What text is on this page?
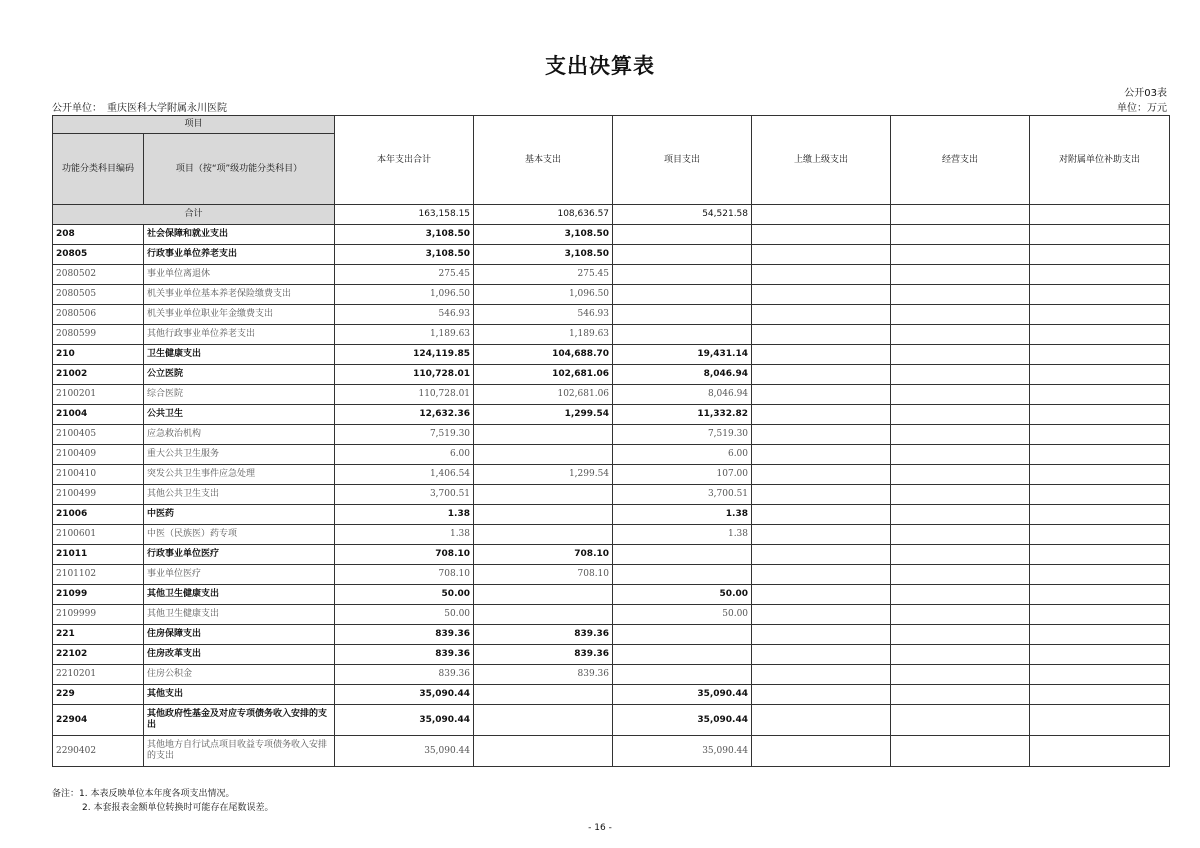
支出决算表
公开03表
公开单位：　重庆医科大学附属永川医院	单位：万元
项目		本年支出合计	基本支出	项目支出	上缴上级支出	经营支出	对附属单位补助支出
功能分类科目编码	项目（按“项”级功能分类科目）						
合计		163,158.15	108,636.57	54,521.58			
208	社会保障和就业支出	3,108.50	3,108.50				
20805	行政事业单位养老支出	3,108.50	3,108.50				
2080502	事业单位离退休	275.45	275.45				
2080505	机关事业单位基本养老保险缴费支出	1,096.50	1,096.50				
2080506	机关事业单位职业年金缴费支出	546.93	546.93				
2080599	其他行政事业单位养老支出	1,189.63	1,189.63				
210	卫生健康支出	124,119.85	104,688.70	19,431.14			
21002	公立医院	110,728.01	102,681.06	8,046.94			
2100201	综合医院	110,728.01	102,681.06	8,046.94			
21004	公共卫生	12,632.36	1,299.54	11,332.82			
2100405	应急救治机构	7,519.30		7,519.30			
2100409	重大公共卫生服务	6.00		6.00			
2100410	突发公共卫生事件应急处理	1,406.54	1,299.54	107.00			
2100499	其他公共卫生支出	3,700.51		3,700.51			
21006	中医药	1.38		1.38			
2100601	中医（民族医）药专项	1.38		1.38			
21011	行政事业单位医疗	708.10	708.10				
2101102	事业单位医疗	708.10	708.10				
21099	其他卫生健康支出	50.00		50.00			
2109999	其他卫生健康支出	50.00		50.00			
221	住房保障支出	839.36	839.36				
22102	住房改革支出	839.36	839.36				
2210201	住房公积金	839.36	839.36				
229	其他支出	35,090.44		35,090.44			
22904	其他政府性基金及对应专项债务收入安排的支出	35,090.44		35,090.44			
2290402	其他地方自行试点项目收益专项债务收入安排的支出	35,090.44		35,090.44			
备注：1. 本表反映单位本年度各项支出情况。
2. 本套报表金额单位转换时可能存在尾数误差。
- 16 -
